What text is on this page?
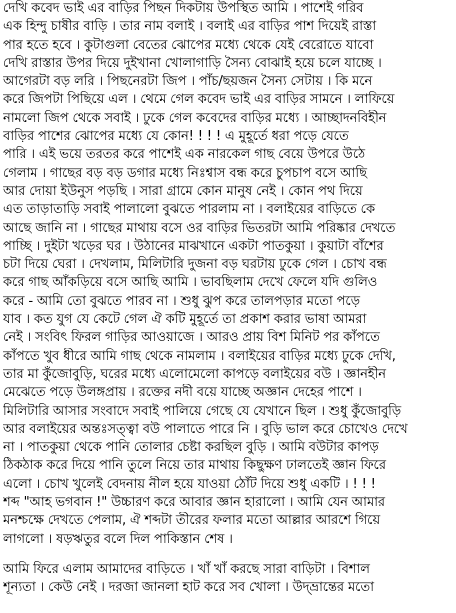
দেখি কবেদ ভাই এর বাড়ির পিছন দিকটায় উপস্থিত আমি । পাশেই গরিব
এক হিন্দু চাষীর বাড়ি । তার নাম বলাই । বলাই এর বাড়ির পাশ দিয়েই রাস্তা
পার হতে হবে । কুটাগুলা বেতের ঝোপের মধ্যে থেকে যেই বেরোতে যাবো
দেখি রাস্তার উপর দিয়ে দুইখানা খোলাগাড়ি সৈন্য বোঝাই হয়ে চলে যাচ্ছে ।
আগেরটা বড় লরি । পিছনেরটা জিপ । পাঁচ/ছয়জন সৈন্য সেটায় । কি মনে
করে জিপটা পিছিয়ে এল । থেমে গেল কবেদ ভাই এর বাড়ির সামনে । লাফিয়ে
নামলো জিপ থেকে সবাই । ঢুকে গেল কবেদের বাড়ির মধ্যে । আচ্ছাদনবিহীন
বাড়ির পাশের ঝোপের মধ্যে যে কোন! ! ! ! এ মুহূর্তে ধরা পড়ে যেতে
পারি । এই ভয়ে তরতর করে পাশেই এক নারকেল গাছ বেয়ে উপরে উঠে
গেলাম । গাছের বড় বড় ডগার মধ্যে নিঃশ্বাস বন্ধ করে চুপচাপ বসে আছি
আর দোয়া ইউনুস পড়ছি । সারা গ্রামে কোন মানুষ নেই । কোন পথ দিয়ে
এত তাড়াতাড়ি সবাই পালালো বুঝতে পারলাম না । বলাইয়ের বাড়িতে কে
আছে জানি না । গাছের মাথায় বসে ওর বাড়ির ভিতরটা আমি পরিষ্কার দেখতে
পাচ্ছি । দুইটা খড়ের ঘর । উঠানের মাঝখানে একটা পাতকুয়া । কুয়াটা বাঁশের
চটা দিয়ে ঘেরা । দেখলাম, মিলিটারি দুজনা বড় ঘরটায় ঢুকে গেল । চোখ বন্ধ
করে গাছ আঁকড়িয়ে বসে আছি আমি । ভাবছিলাম দেখে ফেলে যদি গুলিও
করে - আমি তো বুঝতে পারব না । শুধু ঝুপ করে তালপড়ার মতো পড়ে
যাব । কত যুগ যে কেটে গেল ঐ কটি মুহূর্তে তা প্রকাশ করার ভাষা আমরা
নেই । সংবিৎ ফিরল গাড়ির আওয়াজে । আরও প্রায় বিশ মিনিট পর কাঁপতে
কাঁপতে খুব ধীরে আমি গাছ থেকে নামলাম । বলাইয়ের বাড়ির মধ্যে ঢুকে দেখি,
তার মা কুঁজোবুড়ি, ঘরের মধ্যে এলোমেলো কাপড়ে বলাইয়ের বউ । জ্ঞানহীন
মেঝেতে পড়ে উলঙ্গপ্রায় । রক্তের নদী বয়ে যাচ্ছে অজ্ঞান দেহের পাশে ।
মিলিটারি আসার সংবাদে সবাই পালিয়ে গেছে যে যেখানে ছিল । শুধু কুঁজোবুড়ি
আর বলাইয়ের অন্তঃসত্ত্বা বউ পালাতে পারে নি । বুড়ি ভাল করে চোখেও দেখে
না । পাতকুয়া থেকে পানি তোলার চেষ্টা করছিল বুড়ি । আমি বউটার কাপড়
ঠিকঠাক করে দিয়ে পানি তুলে নিয়ে তার মাথায় কিছুক্ষণ ঢালতেই জ্ঞান ফিরে
এলো । চোখ খুলেই বেদনায় নীল হয়ে যাওয়া ঠোঁট দিয়ে শুধু একটি । ! ! !
শব্দ "আহ ভগবান !" উচ্চারণ করে আবার জ্ঞান হারালো । আমি যেন আমার
মনশ্চক্ষে দেখতে পেলাম, ঐ শব্দটা তীরের ফলার মতো আল্লার আরশে গিয়ে
লাগলো । ষড়ঋতুর বলে দিল পাকিস্তান শেষ ।
আমি ফিরে এলাম আমাদের বাড়িতে । খাঁ খাঁ করছে সারা বাড়িটা । বিশাল
শূন্যতা । কেউ নেই । দরজা জানলা হাট করে সব খোলা । উদ্‌ভ্রান্তের মতো
